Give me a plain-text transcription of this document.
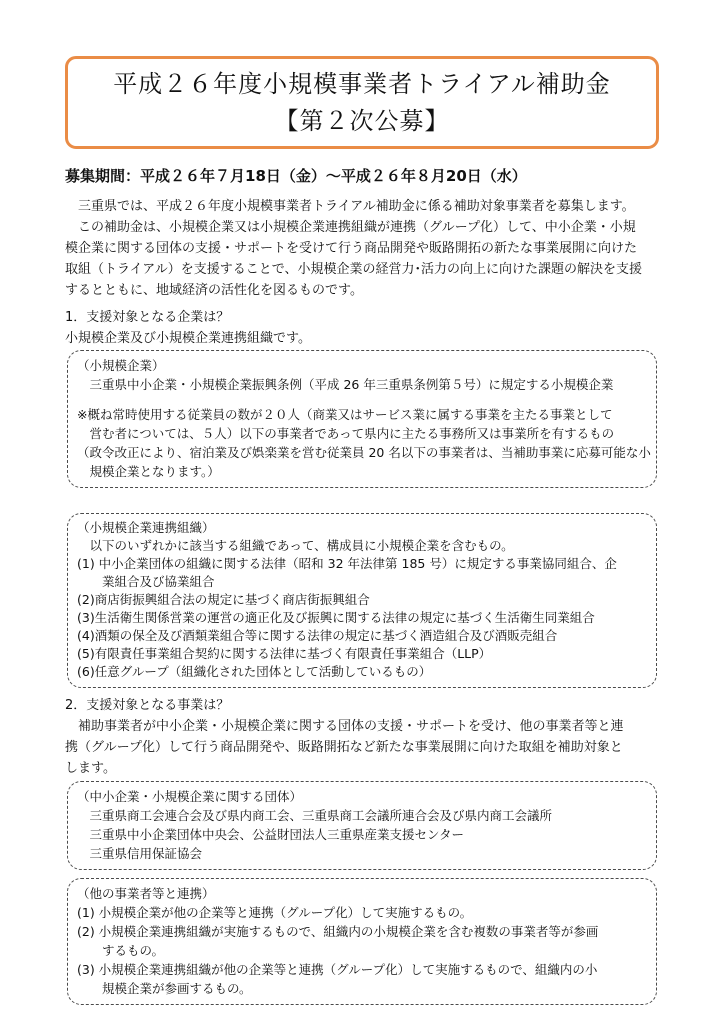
平成２６年度小規模事業者トライアル補助金
【第２次公募】
募集期間：平成２６年７月18日（金）～平成２６年８月20日（水）
　三重県では、平成２６年度小規模事業者トライアル補助金に係る補助対象事業者を募集します。
　この補助金は、小規模企業又は小規模企業連携組織が連携（グループ化）して、中小企業・小規
模企業に関する団体の支援・サポートを受けて行う商品開発や販路開拓の新たな事業展開に向けた
取組（トライアル）を支援することで、小規模企業の経営力･活力の向上に向けた課題の解決を支援
するとともに、地域経済の活性化を図るものです。
1．支援対象となる企業は？
小規模企業及び小規模企業連携組織です。
（小規模企業）
　三重県中小企業・小規模企業振興条例（平成 26 年三重県条例第５号）に規定する小規模企業
※概ね常時使用する従業員の数が２０人（商業又はサービス業に属する事業を主たる事業として
　営む者については、５人）以下の事業者であって県内に主たる事務所又は事業所を有するもの
（政令改正により、宿泊業及び娯楽業を営む従業員 20 名以下の事業者は、当補助事業に応募可能な小
　規模企業となります。）
（小規模企業連携組織）
　以下のいずれかに該当する組織であって、構成員に小規模企業を含むもの。
(1) 中小企業団体の組織に関する法律（昭和 32 年法律第 185 号）に規定する事業協同組合、企
　　業組合及び協業組合
(2)商店街振興組合法の規定に基づく商店街振興組合
(3)生活衛生関係営業の運営の適正化及び振興に関する法律の規定に基づく生活衛生同業組合
(4)酒類の保全及び酒類業組合等に関する法律の規定に基づく酒造組合及び酒販売組合
(5)有限責任事業組合契約に関する法律に基づく有限責任事業組合（LLP）
(6)任意グループ（組織化された団体として活動しているもの）
2．支援対象となる事業は？
　補助事業者が中小企業・小規模企業に関する団体の支援・サポートを受け、他の事業者等と連
携（グループ化）して行う商品開発や、販路開拓など新たな事業展開に向けた取組を補助対象と
します。
（中小企業・小規模企業に関する団体）
　三重県商工会連合会及び県内商工会、三重県商工会議所連合会及び県内商工会議所
　三重県中小企業団体中央会、公益財団法人三重県産業支援センター
　三重県信用保証協会
（他の事業者等と連携）
(1) 小規模企業が他の企業等と連携（グループ化）して実施するもの。
(2) 小規模企業連携組織が実施するもので、組織内の小規模企業を含む複数の事業者等が参画
　　するもの。
(3) 小規模企業連携組織が他の企業等と連携（グループ化）して実施するもので、組織内の小
　　規模企業が参画するもの。
